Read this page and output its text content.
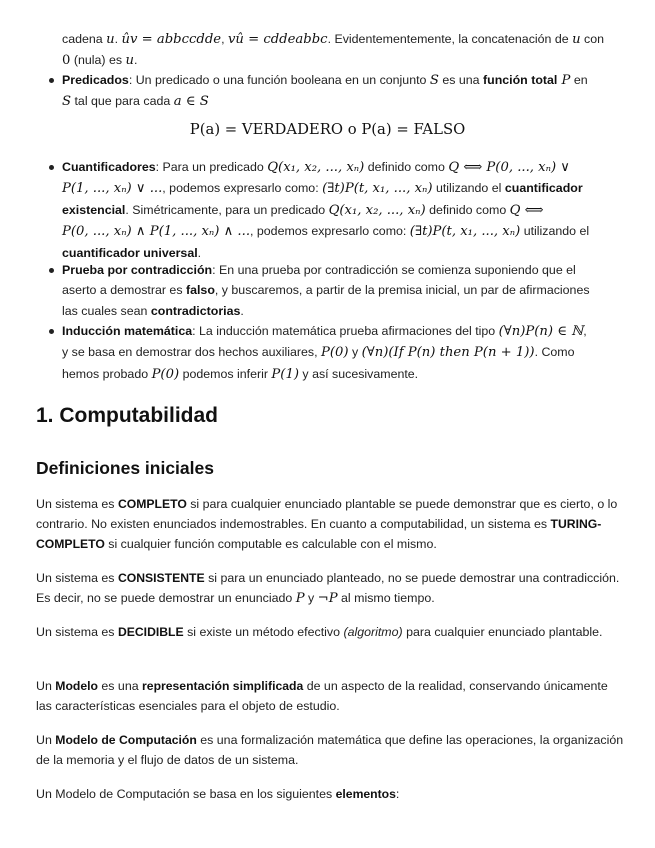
cadena u. ûv = abbccdde, vû = cddeabbc. Evidentementemente, la concatenación de u con
0 (nula) es u.
Predicados: Un predicado o una función booleana en un conjunto S es una función total P en
S tal que para cada a ∈ S
P(a) = VERDADERO o P(a) = FALSO
Cuantificadores: Para un predicado Q(x₁, x₂, ..., xₙ) definido como Q ⟺ P(0, ..., xₙ) ∨
P(1, ..., xₙ) ∨ ..., podemos expresarlo como: (∃t)P(t, x₁, ..., xₙ) utilizando el cuantificador
existencial. Simétricamente, para un predicado Q(x₁, x₂, ..., xₙ) definido como Q ⟺
P(0, ..., xₙ) ∧ P(1, ..., xₙ) ∧ ..., podemos expresarlo como: (∃t)P(t, x₁, ..., xₙ) utilizando el
cuantificador universal.
Prueba por contradicción: En una prueba por contradicción se comienza suponiendo que el
aserto a demostrar es falso, y buscaremos, a partir de la premisa inicial, un par de afirmaciones
las cuales sean contradictorias.
Inducción matemática: La inducción matemática prueba afirmaciones del tipo (∀n)P(n) ∈ ℕ,
y se basa en demostrar dos hechos auxiliares, P(0) y (∀n)(If P(n) then P(n + 1)). Como
hemos probado P(0) podemos inferir P(1) y así sucesivamente.
1. Computabilidad
Definiciones iniciales

Un sistema es COMPLETO si para cualquier enunciado plantable se puede demonstrar que es cierto, o lo contrario. No existen enunciados indemostrables. En cuanto a computabilidad, un sistema es TURING-COMPLETO si cualquier función computable es calculable con el mismo.

Un sistema es CONSISTENTE si para un enunciado planteado, no se puede demostrar una contradicción. Es decir, no se puede demostrar un enunciado P y ¬P al mismo tiempo.

Un sistema es DECIDIBLE si existe un método efectivo (algoritmo) para cualquier enunciado plantable.

Un Modelo es una representación simplificada de un aspecto de la realidad, conservando únicamente las características esenciales para el objeto de estudio.

Un Modelo de Computación es una formalización matemática que define las operaciones, la organización de la memoria y el flujo de datos de un sistema.

Un Modelo de Computación se basa en los siguientes elementos:
